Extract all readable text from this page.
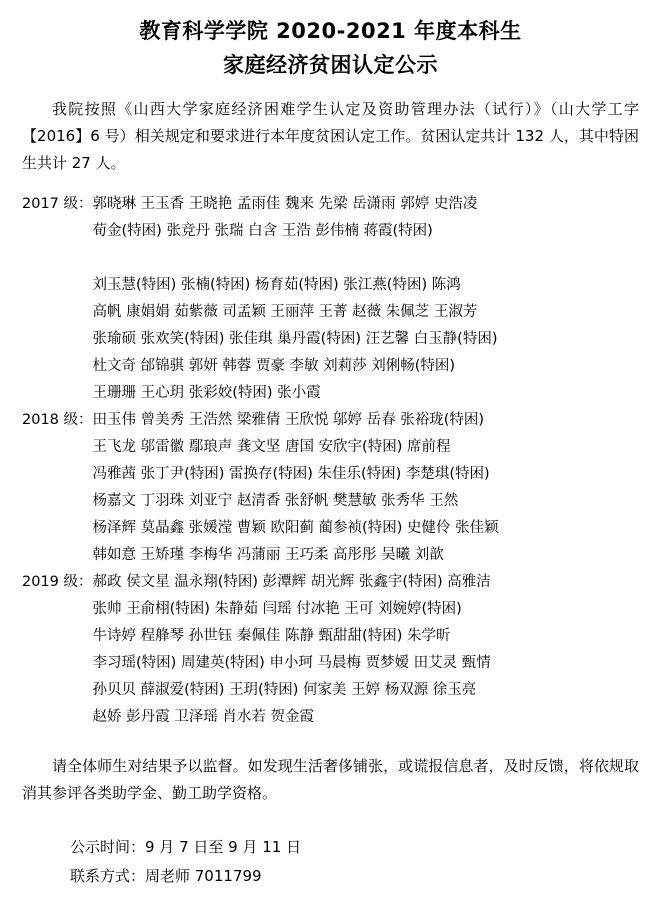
教育科学学院 2020-2021 年度本科生
家庭经济贫困认定公示
我院按照《山西大学家庭经济困难学生认定及资助管理办法（试行）》（山大学工字【2016】6 号）相关规定和要求进行本年度贫困认定工作。贫困认定共计 132 人，其中特困生共计 27 人。
2017 级： 郭晓琳 王玉香 王晓艳 孟雨佳 魏来 先梁 岳潇雨 郭婷 史浩凌
荀金(特困) 张竞丹 张瑞 白含 王浩 彭伟楠 蒋霞(特困)
刘玉慧(特困) 张楠(特困) 杨育茹(特困) 张江燕(特困) 陈鸿
高帆 康娟娟 茹紫薇 司孟颖 王丽萍 王菁 赵薇 朱佩芝 王淑芳
张瑜硕 张欢笑(特困) 张佳琪 巢丹霞(特困) 汪艺馨 白玉静(特困)
杜文奇 邰锦骐 郭妍 韩蓉 贾豪 李敏 刘莉莎 刘俐畅(特困)
王珊珊 王心玥 张彩姣(特困) 张小霞
2018 级： 田玉伟 曾美秀 王浩然 梁雅倩 王欣悦 邬婷 岳春 张裕珑(特困)
王飞龙 邬雷徽 鄢琅声 龚文坚 唐国 安欣宇(特困) 席前程
冯雅茜 张丁尹(特困) 雷换存(特困) 朱佳乐(特困) 李楚琪(特困)
杨嘉文 丁羽珠 刘亚宁 赵清香 张舒帆 樊慧敏 张秀华 王然
杨泽辉 莫晶鑫 张媛滢 曹颖 欧阳蓟 蔺参祯(特困) 史健伶 张佳颖
韩如意 王矫瑾 李梅华 冯蒲丽 王巧柔 高彤彤 吴曦 刘歆
2019 级： 郝政 侯文星 温永翔(特困) 彭潭辉 胡光辉 张鑫宇(特困) 高雅洁
张帅 王俞栩(特困) 朱静茹 闫瑶 付冰艳 王可 刘婉婷(特困)
牛诗婷 程艂琴 孙世钰 秦佩佳 陈静 甄甜甜(特困) 朱学昕
李习瑶(特困) 周建英(特困) 申小珂 马晨梅 贾梦嫒 田艾灵 甄情
孙贝贝 薛淑爱(特困) 王玥(特困) 何家美 王婷 杨双源 徐玉亮
赵娇 彭丹霞 卫泽瑶 肖水若 贺金霞
请全体师生对结果予以监督。如发现生活奢侈铺张，或谎报信息者，及时反馈，将依规取消其参评各类助学金、勤工助学资格。
公示时间：9 月 7 日至 9 月 11 日
联系方式：周老师 7011799
